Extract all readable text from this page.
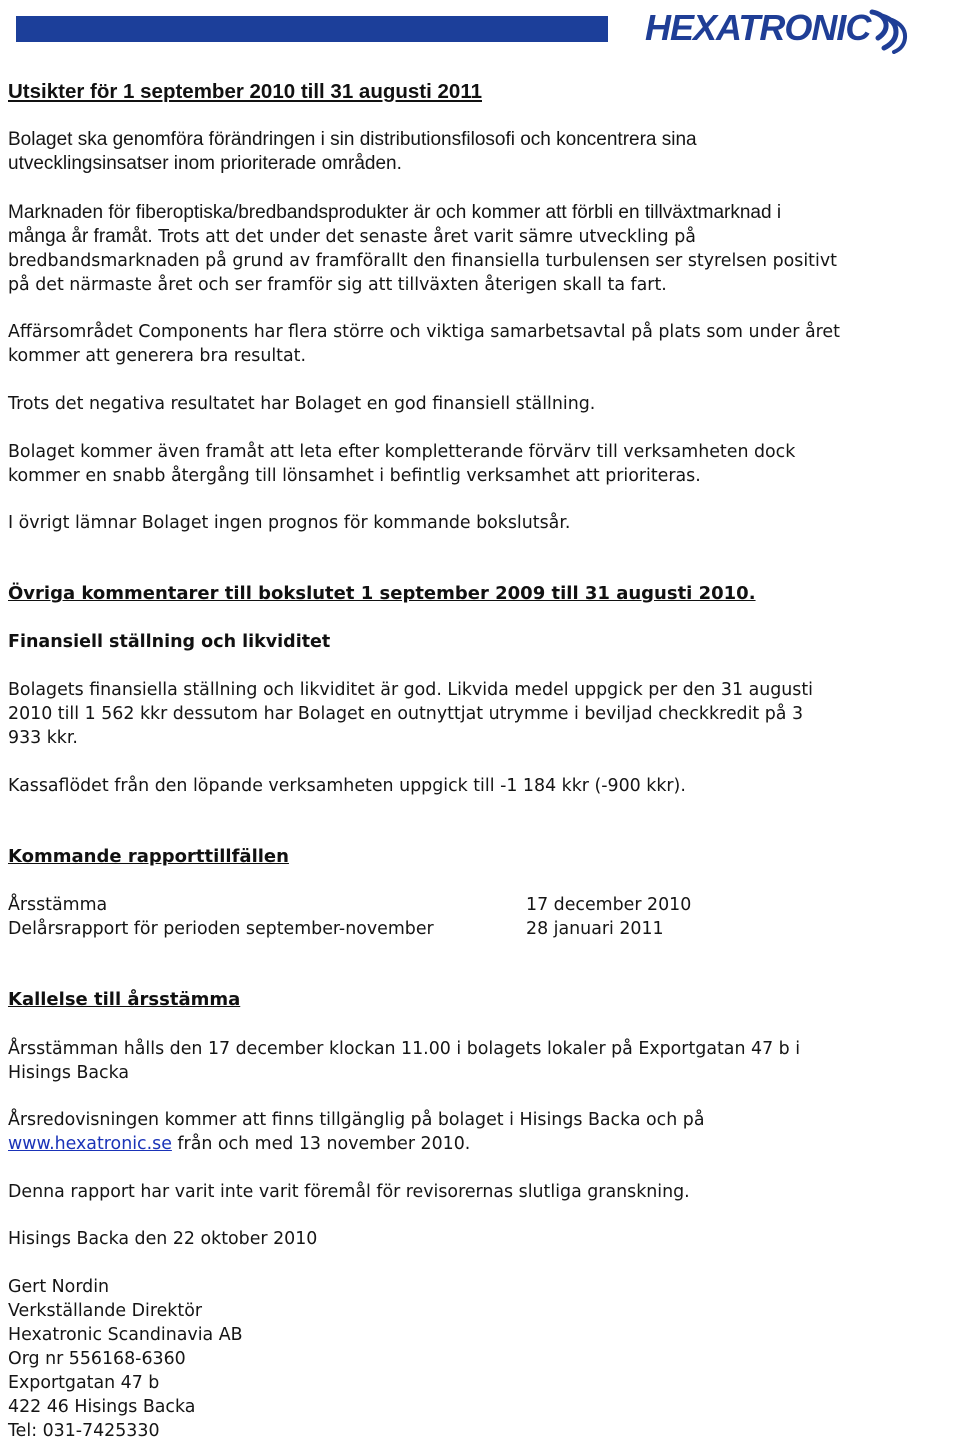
HEXATRONIC
Utsikter för 1 september 2010 till 31 augusti 2011
Bolaget ska genomföra förändringen i sin distributionsfilosofi och koncentrera sina
utvecklingsinsatser inom prioriterade områden.
Marknaden för fiberoptiska/bredbandsprodukter är och kommer att förbli en tillväxtmarknad i
många år framåt. Trots att det under det senaste året varit sämre utveckling på
bredbandsmarknaden på grund av framförallt den finansiella turbulensen ser styrelsen positivt
på det närmaste året och ser framför sig att tillväxten återigen skall ta fart.
Affärsområdet Components har flera större och viktiga samarbetsavtal på plats som under året
kommer att generera bra resultat.
Trots det negativa resultatet har Bolaget en god finansiell ställning.
Bolaget kommer även framåt att leta efter kompletterande förvärv till verksamheten dock
kommer en snabb återgång till lönsamhet i befintlig verksamhet att prioriteras.
I övrigt lämnar Bolaget ingen prognos för kommande bokslutsår.
Övriga kommentarer till bokslutet 1 september 2009 till 31 augusti 2010.
Finansiell ställning och likviditet
Bolagets finansiella ställning och likviditet är god. Likvida medel uppgick per den 31 augusti
2010 till 1 562 kkr dessutom har Bolaget en outnyttjat utrymme i beviljad checkkredit på 3
933 kkr.
Kassaflödet från den löpande verksamheten uppgick till -1 184 kkr (-900 kkr).
Kommande rapporttillfällen
Årsstämma	17 december 2010
Delårsrapport för perioden september-november	28 januari 2011
Kallelse till årsstämma
Årsstämman hålls den 17 december klockan 11.00 i bolagets lokaler på Exportgatan 47 b i
Hisings Backa
Årsredovisningen kommer att finns tillgänglig på bolaget i Hisings Backa och på
www.hexatronic.se från och med 13 november 2010.
Denna rapport har varit inte varit föremål för revisorernas slutliga granskning.
Hisings Backa den 22 oktober 2010
Gert Nordin
Verkställande Direktör
Hexatronic Scandinavia AB
Org nr 556168-6360
Exportgatan 47 b
422 46 Hisings Backa
Tel: 031-7425330
